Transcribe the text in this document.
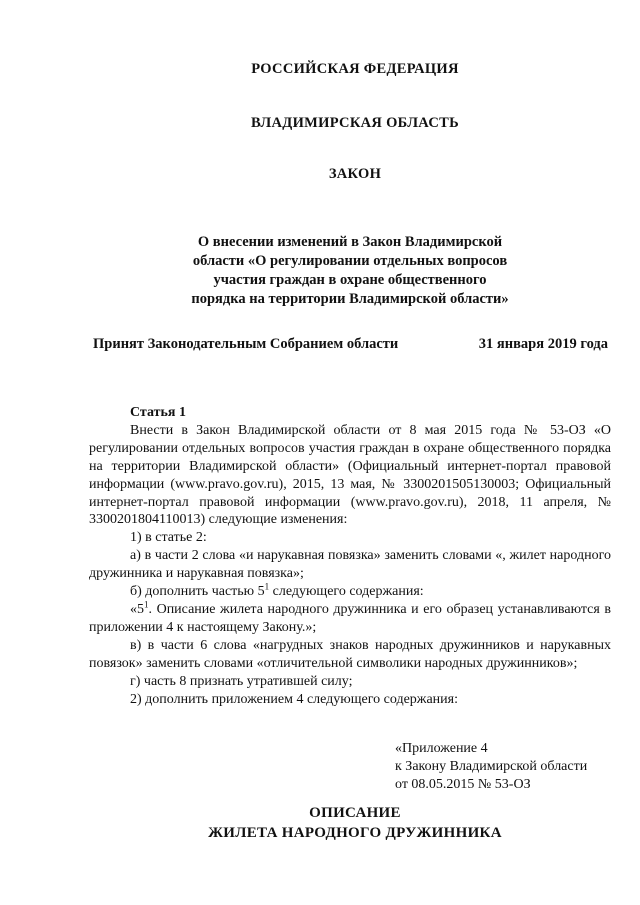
РОССИЙСКАЯ ФЕДЕРАЦИЯ
ВЛАДИМИРСКАЯ ОБЛАСТЬ
ЗАКОН
О внесении изменений в Закон Владимирской
области «О регулировании отдельных вопросов
участия граждан в охране общественного
порядка на территории Владимирской области»
Принят Законодательным Собранием области	31 января 2019 года

Статья 1

Внести в Закон Владимирской области от 8 мая 2015 года № 53-ОЗ «О регулировании отдельных вопросов участия граждан в охране общественного порядка на территории Владимирской области» (Официальный интернет-портал правовой информации (www.pravo.gov.ru), 2015, 13 мая, № 3300201505130003; Официальный интернет-портал правовой информации (www.pravo.gov.ru), 2018, 11 апреля, № 3300201804110013) следующие изменения:

1) в статье 2:

а) в части 2 слова «и нарукавная повязка» заменить словами «, жилет народного дружинника и нарукавная повязка»;

б) дополнить частью $5^1$ следующего содержания:

«$5^1$. Описание жилета народного дружинника и его образец устанавливаются в приложении 4 к настоящему Закону.»;

в) в части 6 слова «нагрудных знаков народных дружинников и нарукавных повязок» заменить словами «отличительной символики народных дружинников»;

г) часть 8 признать утратившей силу;

2) дополнить приложением 4 следующего содержания:

«Приложение 4
к Закону Владимирской области
от 08.05.2015 № 53-ОЗ
ОПИСАНИЕ
ЖИЛЕТА НАРОДНОГО ДРУЖИННИКА
